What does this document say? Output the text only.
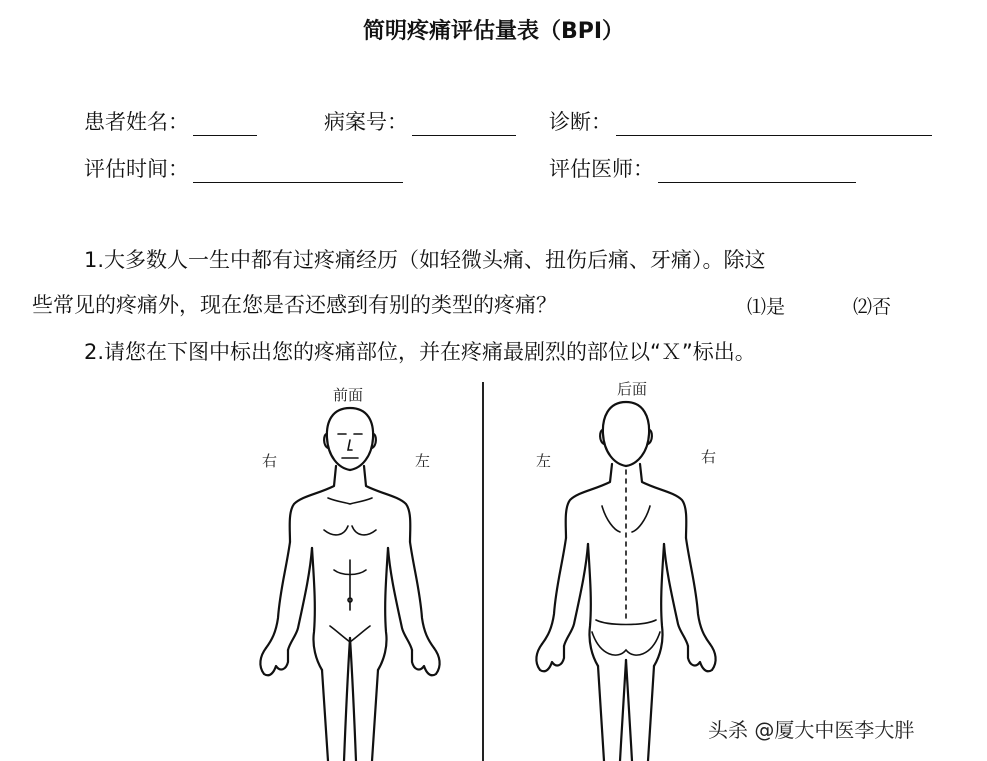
简明疼痛评估量表（BPI）
患者姓名：	病案号：	诊断：
评估时间：	评估医师：
1.大多数人一生中都有过疼痛经历（如轻微头痛、扭伤后痛、牙痛）。除这
些常见的疼痛外，现在您是否还感到有别的类型的疼痛？	⑴是	⑵否
2.请您在下图中标出您的疼痛部位，并在疼痛最剧烈的部位以“Ｘ”标出。
前面	后面
右	左	左	右
头杀 @厦大中医李大胖
